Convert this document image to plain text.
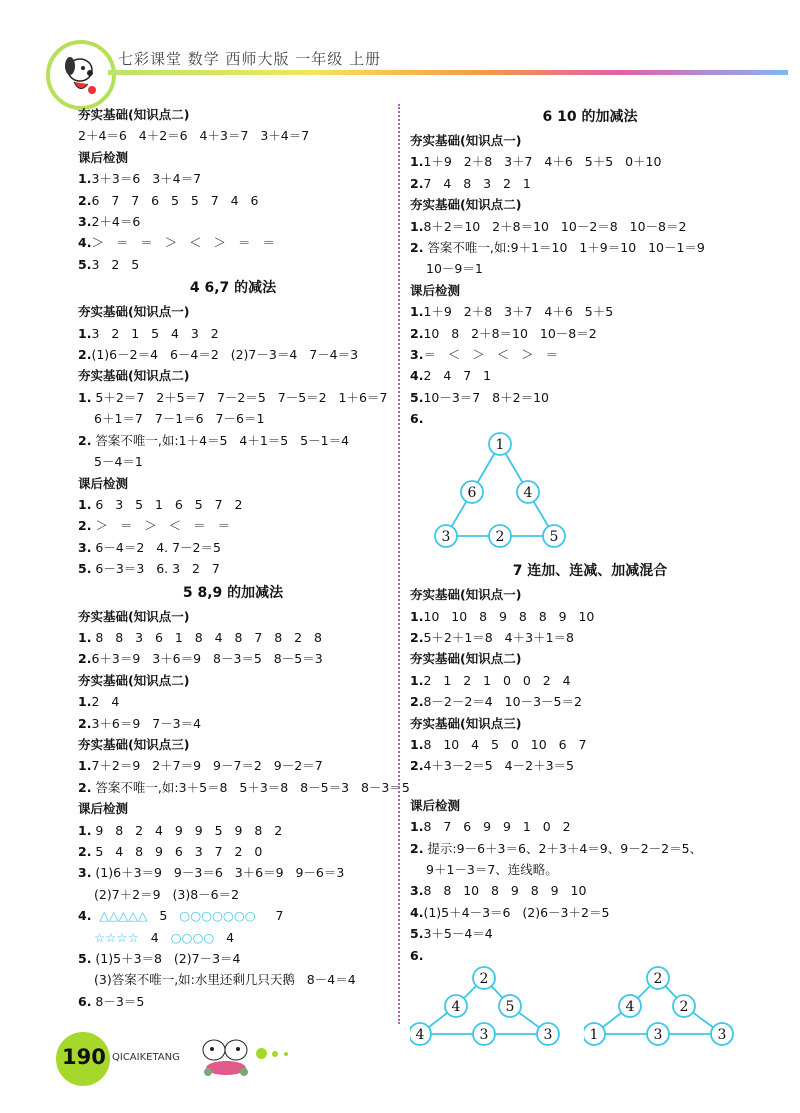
七彩课堂 数学 西师大版 一年级 上册
夯实基础(知识点二)
2＋4＝6   4＋2＝6   4＋3＝7   3＋4＝7
课后检测
1.3＋3＝6   3＋4＝7
2.6   7   7   6   5   5   7   4   6
3.2＋4＝6
4.＞   ＝   ＝   ＞   ＜   ＞   ＝   ＝
5.3   2   5
4 6,7 的减法
夯实基础(知识点一)
1.3   2   1   5   4   3   2
2.(1)6－2＝4   6－4＝2   (2)7－3＝4   7－4＝3
夯实基础(知识点二)
1. 5＋2＝7   2＋5＝7   7－2＝5   7－5＝2   1＋6＝7
6＋1＝7   7－1＝6   7－6＝1
2. 答案不唯一,如:1＋4＝5   4＋1＝5   5－1＝4
5－4＝1
课后检测
1. 6   3   5   1   6   5   7   2
2. ＞   ＝   ＞   ＜   ＝   ＝
3. 6－4＝2   4. 7－2＝5
5. 6－3＝3   6. 3   2   7
5 8,9 的加减法
夯实基础(知识点一)
1. 8   8   3   6   1   8   4   8   7   8   2   8
2.6＋3＝9   3＋6＝9   8－3＝5   8－5＝3
夯实基础(知识点二)
1.2   4
2.3＋6＝9   7－3＝4
夯实基础(知识点三)
1.7＋2＝9   2＋7＝9   9－7＝2   9－2＝7
2. 答案不唯一,如:3＋5＝8   5＋3＝8   8－5＝3   8－3＝5
课后检测
1. 9   8   2   4   9   9   5   9   8   2
2. 5   4   8   9   6   3   7   2   0
3. (1)6＋3＝9   9－3＝6   3＋6＝9   9－6＝3
(2)7＋2＝9   (3)8－6＝2
4. △△△△△   5   ○○○○○○○     7
☆☆☆☆   4   ○○○○   4
5. (1)5＋3＝8   (2)7－3＝4
(3)答案不唯一,如:水里还剩几只天鹅   8－4＝4
6. 8－3＝5
6 10 的加减法
夯实基础(知识点一)
1.1＋9   2＋8   3＋7   4＋6   5＋5   0＋10
2.7   4   8   3   2   1
夯实基础(知识点二)
1.8＋2＝10   2＋8＝10   10－2＝8   10－8＝2
2. 答案不唯一,如:9＋1＝10   1＋9＝10   10－1＝9
10－9＝1
课后检测
1.1＋9   2＋8   3＋7   4＋6   5＋5
2.10   8   2＋8＝10   10－8＝2
3.＝   ＜   ＞   ＜   ＞   ＝
4.2   4   7   1
5.10－3＝7   8＋2＝10
6.
1
6	4
3	2	5
7 连加、连减、加减混合
夯实基础(知识点一)
1.10   10   8   9   8   8   9   10
2.5＋2＋1＝8   4＋3＋1＝8
夯实基础(知识点二)
1.2   1   2   1   0   0   2   4
2.8－2－2＝4   10－3－5＝2
夯实基础(知识点三)
1.8   10   4   5   0   10   6   7
2.4＋3－2＝5   4－2＋3＝5
课后检测
1.8   7   6   9   9   1   0   2
2. 提示:9－6＋3＝6、2＋3＋4＝9、9－2－2＝5、
9＋1－3＝7、连线略。
3.8   8   10   8   9   8   9   10
4.(1)5＋4－3＝6   (2)6－3＋2＝5
5.3＋5－4＝4
6.
2
4	5
4	3	3
2
4	2
1	3	3
190 QICAIKETANG
